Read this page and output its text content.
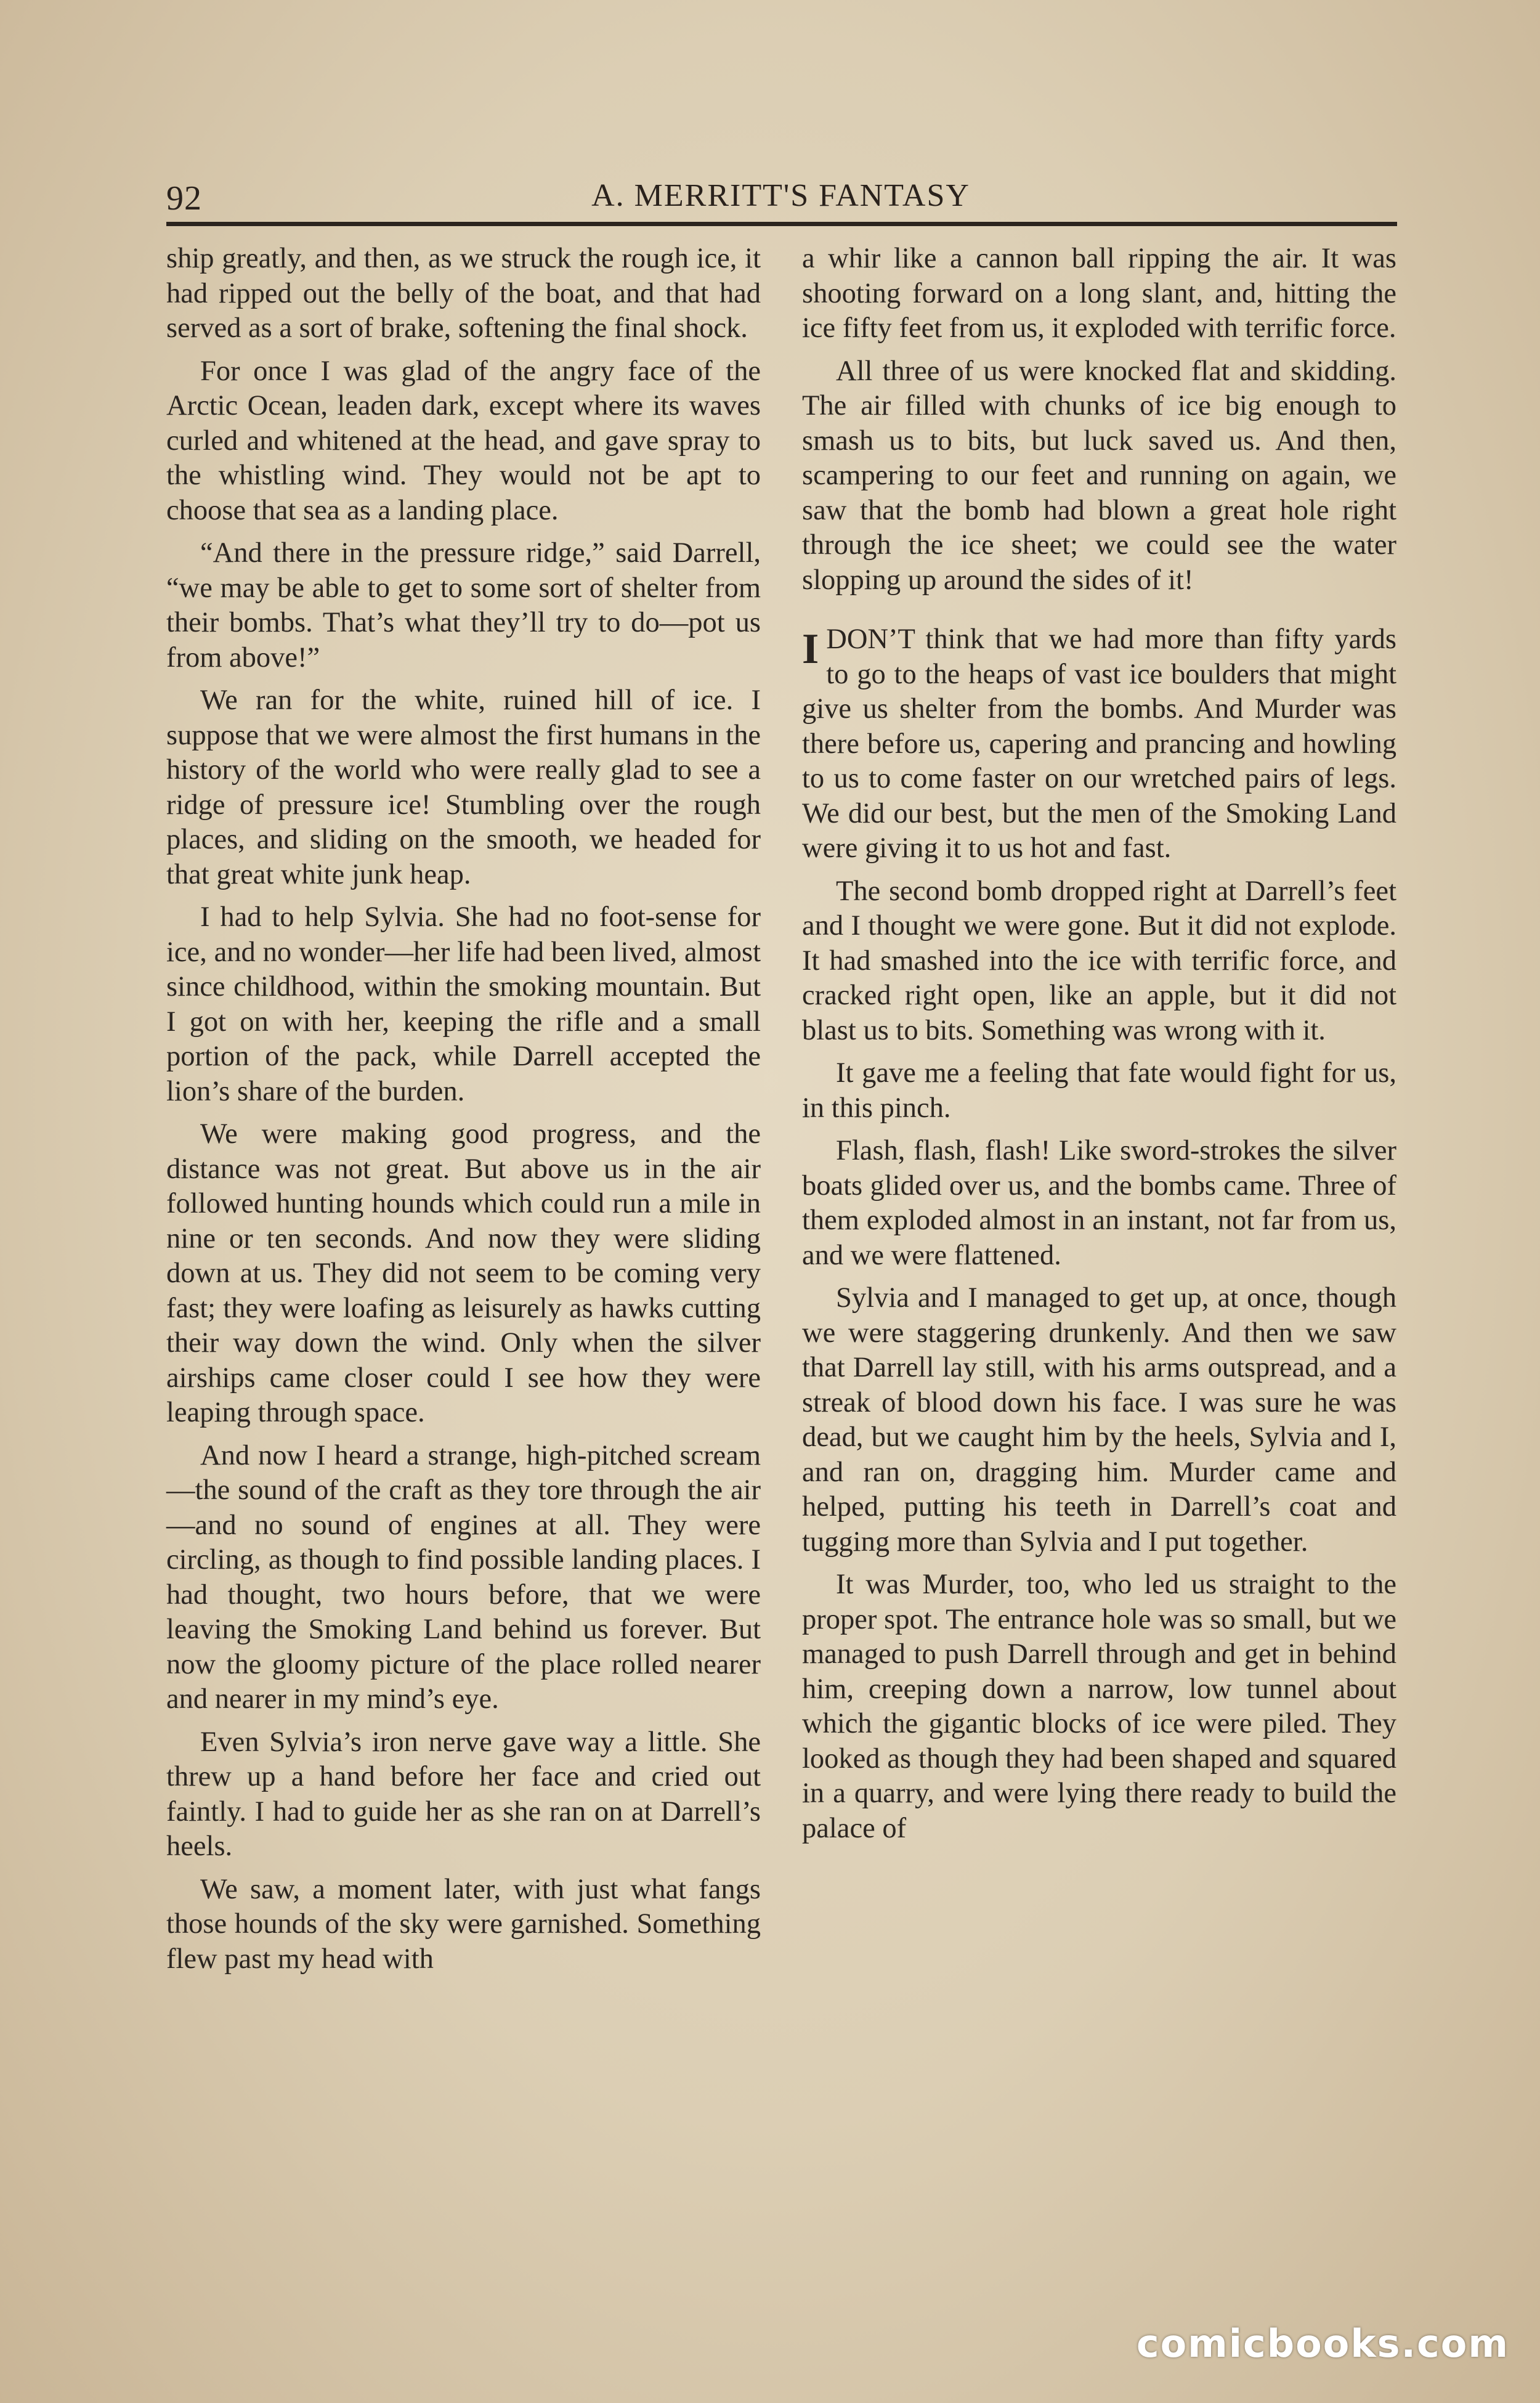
92	A. MERRITT'S FANTASY

ship greatly, and then, as we struck the rough ice, it had ripped out the belly of the boat, and that had served as a sort of brake, softening the final shock.

For once I was glad of the angry face of the Arctic Ocean, leaden dark, except where its waves curled and whitened at the head, and gave spray to the whistling wind. They would not be apt to choose that sea as a landing place.

“And there in the pressure ridge,” said Darrell, “we may be able to get to some sort of shelter from their bombs. That’s what they’ll try to do—pot us from above!”

We ran for the white, ruined hill of ice. I suppose that we were almost the first humans in the history of the world who were really glad to see a ridge of pressure ice! Stumbling over the rough places, and sliding on the smooth, we headed for that great white junk heap.

I had to help Sylvia. She had no foot-sense for ice, and no wonder—her life had been lived, almost since childhood, within the smoking mountain. But I got on with her, keeping the rifle and a small portion of the pack, while Darrell accepted the lion’s share of the burden.

We were making good progress, and the distance was not great. But above us in the air followed hunting hounds which could run a mile in nine or ten seconds. And now they were sliding down at us. They did not seem to be coming very fast; they were loafing as leisurely as hawks cutting their way down the wind. Only when the silver airships came closer could I see how they were leaping through space.

And now I heard a strange, high-pitched scream—the sound of the craft as they tore through the air—and no sound of engines at all. They were circling, as though to find possible landing places. I had thought, two hours before, that we were leaving the Smoking Land behind us forever. But now the gloomy picture of the place rolled nearer and nearer in my mind’s eye.

Even Sylvia’s iron nerve gave way a little. She threw up a hand before her face and cried out faintly. I had to guide her as she ran on at Darrell’s heels.

We saw, a moment later, with just what fangs those hounds of the sky were garnished. Something flew past my head with

a whir like a cannon ball ripping the air. It was shooting forward on a long slant, and, hitting the ice fifty feet from us, it exploded with terrific force.

All three of us were knocked flat and skidding. The air filled with chunks of ice big enough to smash us to bits, but luck saved us. And then, scampering to our feet and running on again, we saw that the bomb had blown a great hole right through the ice sheet; we could see the water slopping up around the sides of it!

IDON’T think that we had more than fifty yards to go to the heaps of vast ice boulders that might give us shelter from the bombs. And Murder was there before us, capering and prancing and howling to us to come faster on our wretched pairs of legs. We did our best, but the men of the Smoking Land were giving it to us hot and fast.

The second bomb dropped right at Darrell’s feet and I thought we were gone. But it did not explode. It had smashed into the ice with terrific force, and cracked right open, like an apple, but it did not blast us to bits. Something was wrong with it.

It gave me a feeling that fate would fight for us, in this pinch.

Flash, flash, flash! Like sword-strokes the silver boats glided over us, and the bombs came. Three of them exploded almost in an instant, not far from us, and we were flattened.

Sylvia and I managed to get up, at once, though we were staggering drunkenly. And then we saw that Darrell lay still, with his arms outspread, and a streak of blood down his face. I was sure he was dead, but we caught him by the heels, Sylvia and I, and ran on, dragging him. Murder came and helped, putting his teeth in Darrell’s coat and tugging more than Sylvia and I put together.

It was Murder, too, who led us straight to the proper spot. The entrance hole was so small, but we managed to push Darrell through and get in behind him, creeping down a narrow, low tunnel about which the gigantic blocks of ice were piled. They looked as though they had been shaped and squared in a quarry, and were lying there ready to build the palace of

comicbooks.com
